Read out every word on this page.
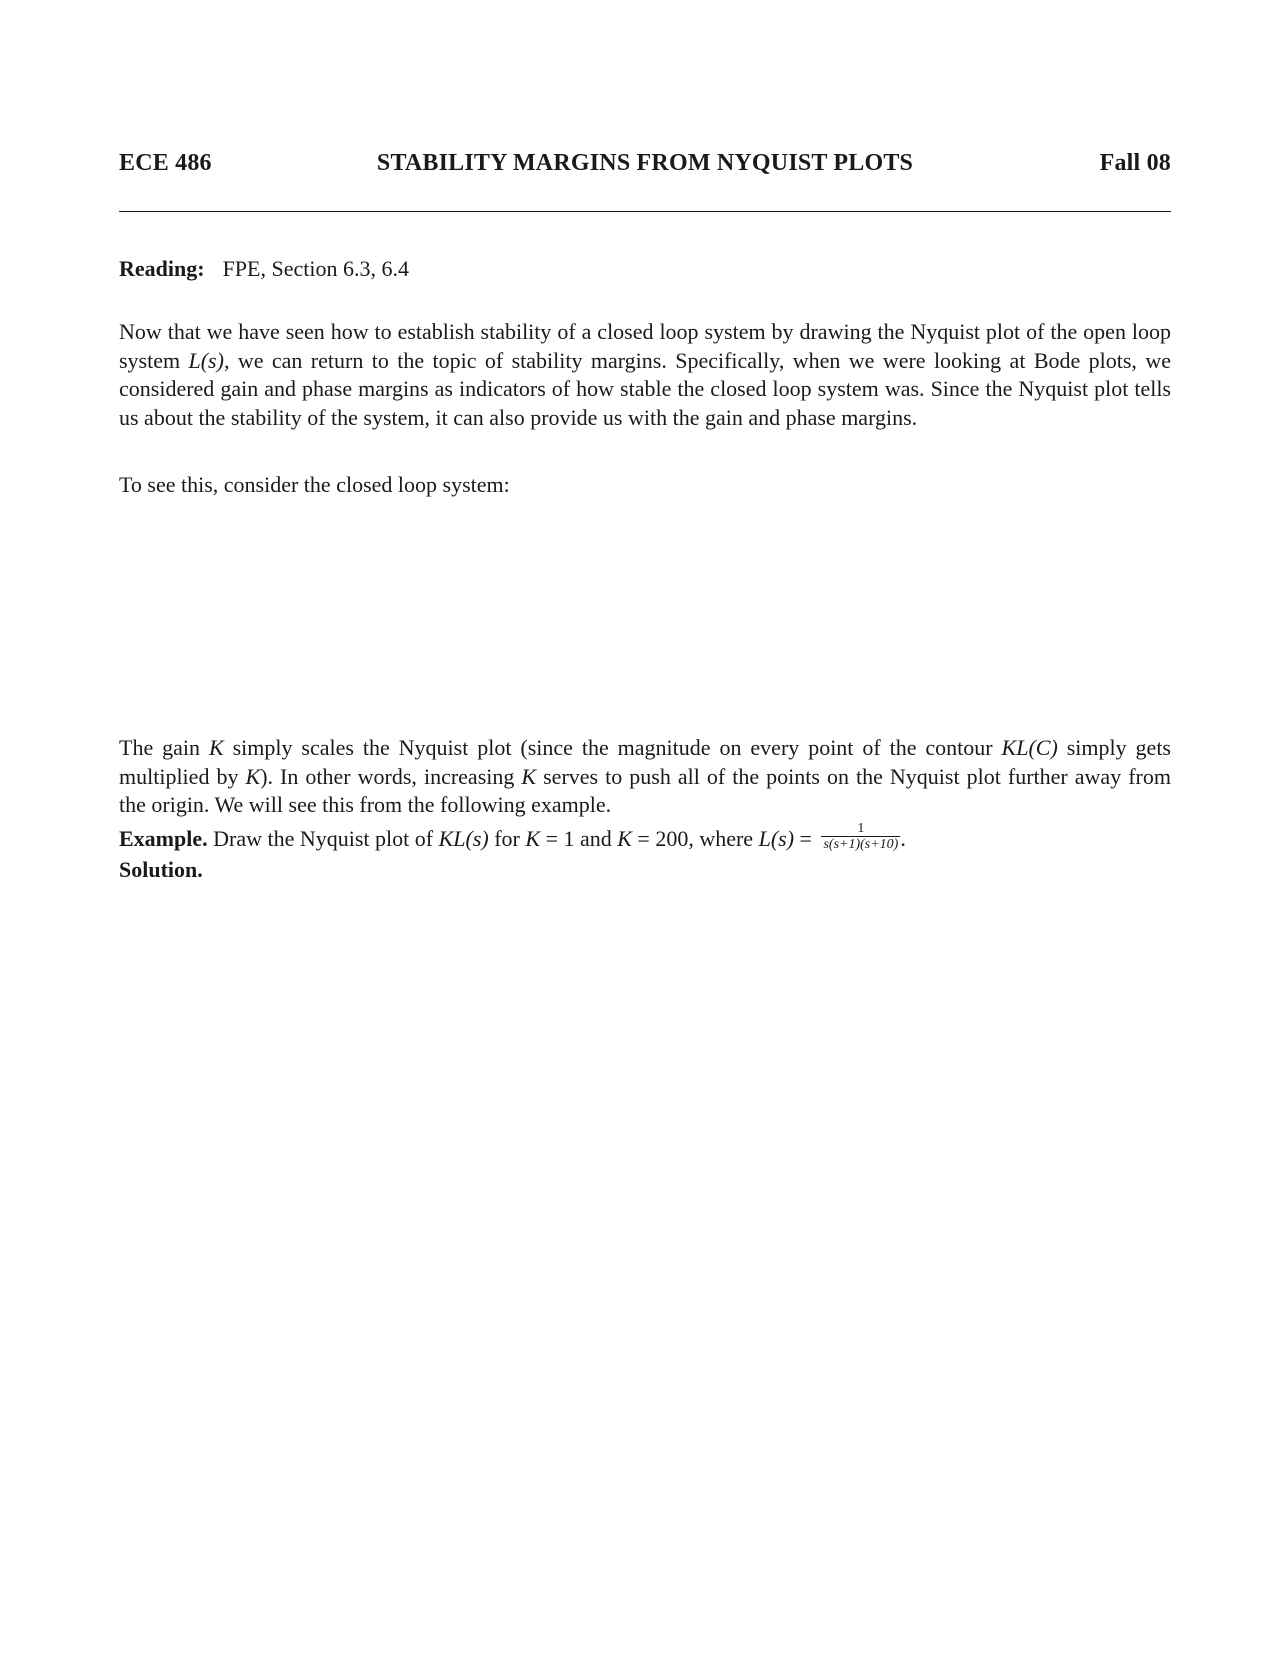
ECE 486	STABILITY MARGINS FROM NYQUIST PLOTS	Fall 08
Reading: FPE, Section 6.3, 6.4
Now that we have seen how to establish stability of a closed loop system by drawing the Nyquist plot of the open loop system L(s), we can return to the topic of stability margins. Specifically, when we were looking at Bode plots, we considered gain and phase margins as indicators of how stable the closed loop system was. Since the Nyquist plot tells us about the stability of the system, it can also provide us with the gain and phase margins.
To see this, consider the closed loop system:
The gain K simply scales the Nyquist plot (since the magnitude on every point of the contour KL(C) simply gets multiplied by K). In other words, increasing K serves to push all of the points on the Nyquist plot further away from the origin. We will see this from the following example.
Example. Draw the Nyquist plot of KL(s) for K = 1 and K = 200, where $L(s) = \frac{1}{s(s+1)(s+10)}$ .
Solution.
